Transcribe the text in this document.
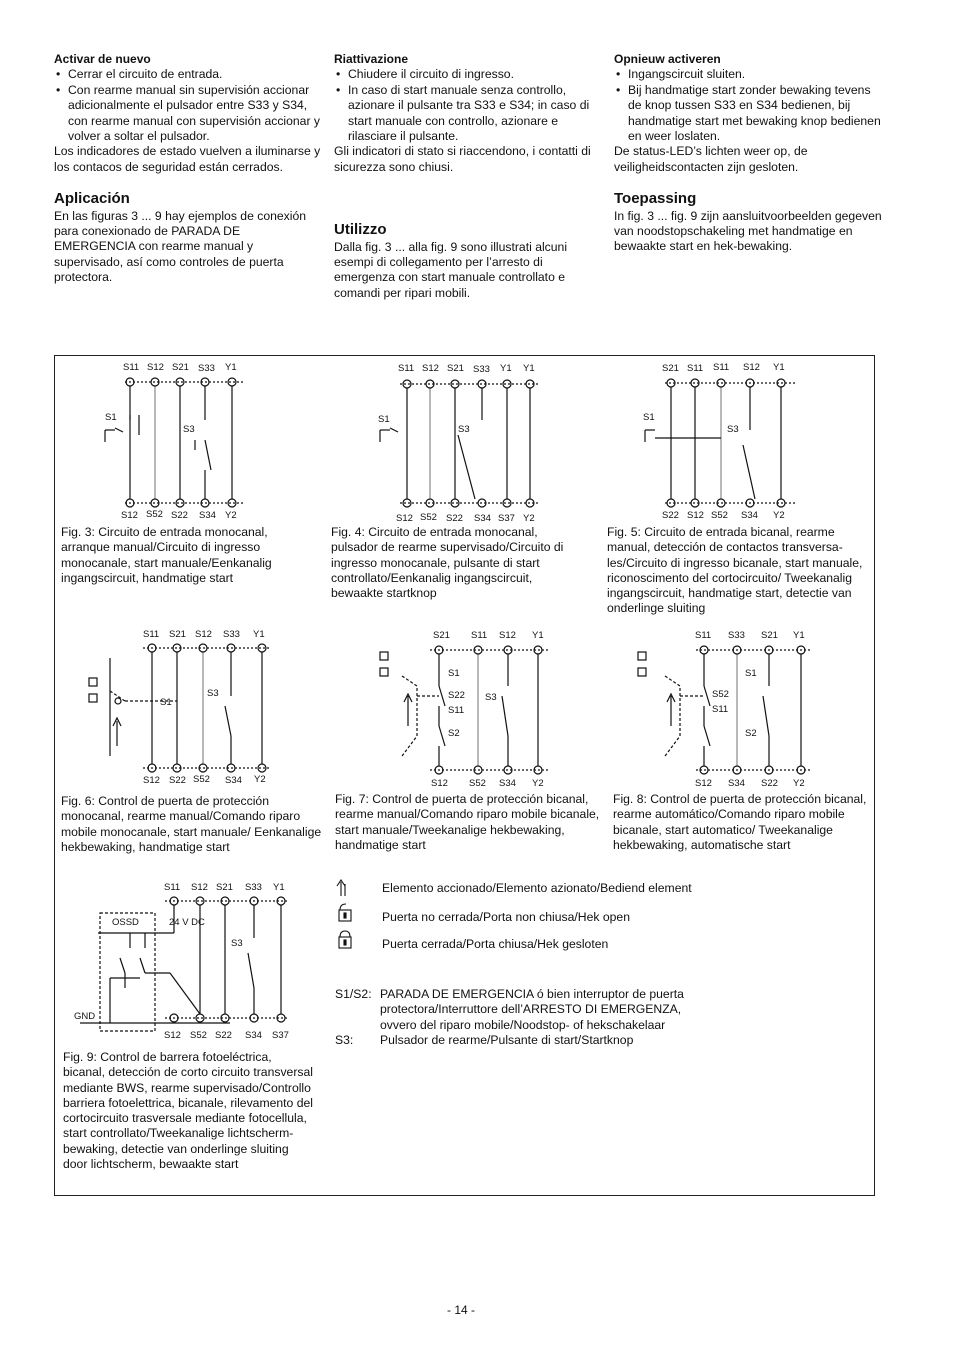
Activar de nuevo
• Cerrar el circuito de entrada.
• Con rearme manual sin supervisión accionar adicionalmente el pulsador entre S33 y S34, con rearme manual con supervisión accionar y volver a soltar el pulsador.

Los indicadores de estado vuelven a iluminarse y los contacos de seguridad están cerrados.

Aplicación

En las figuras 3 ... 9 hay ejemplos de conexión para conexionado de PARADA DE EMERGENCIA con rearme manual y supervisado, así como controles de puerta protectora.

Riattivazione
• Chiudere il circuito di ingresso.
• In caso di start manuale senza controllo, azionare il pulsante tra S33 e S34; in caso di start manuale con controllo, azionare e rilasciare il pulsante.

Gli indicatori di stato si riaccendono, i contatti di sicurezza sono chiusi.

Utilizzo

Dalla fig. 3 ... alla fig. 9 sono illustrati alcuni esempi di collegamento per l’arresto di emergenza con start manuale controllato e comandi per ripari mobili.

Opnieuw activeren
• Ingangscircuit sluiten.
• Bij handmatige start zonder bewaking tevens de knop tussen S33 en S34 bedienen, bij handmatige start met bewaking knop bedienen en weer loslaten.

De status-LED’s lichten weer op, de veiligheidscontacten zijn gesloten.

Toepassing

In fig. 3 ... fig. 9 zijn aansluitvoorbeelden gegeven van noodstopschakeling met handmatige en bewaakte start en hek-bewaking.

S11 S12 S21 S33 Y1
S1
S3
S12 S52 S22 S34 Y2
Fig. 3: Circuito de entrada monocanal, arranque manual/Circuito di ingresso monocanale, start manuale/Eenkanalig ingangscircuit, handmatige start
S11 S12 S21 S33 Y1 Y1
S1
S3
S12 S52 S22 S34 S37 Y2
Fig. 4: Circuito de entrada monocanal, pulsador de rearme supervisado/Circuito di ingresso monocanale, pulsante di start controllato/Eenkanalig ingangscircuit, bewaakte startknop
S21 S11 S11 S12 Y1
S1
S3
S22 S12 S52 S34 Y2
Fig. 5: Circuito de entrada bicanal, rearme manual, detección de contactos transversa-les/Circuito di ingresso bicanale, start manuale, riconoscimento del cortocircuito/ Tweekanalig ingangscircuit, handmatige start, detectie van onderlinge sluiting
S11 S21 S12 S33 Y1
S1
S3
S12 S22 S52 S34 Y2
Fig. 6: Control de puerta de protección monocanal, rearme manual/Comando riparo mobile monocanale, start manuale/ Eenkanalige hekbewaking, handmatige start
S21 S11 S12 Y1
S1
S22
S11
S2
S3
S12 S52 S34 Y2
Fig. 7: Control de puerta de protección bicanal, rearme manual/Comando riparo mobile bicanale, start manuale/Tweekanalige hekbewaking, handmatige start
S11 S33 S21 Y1
S1
S52
S11
S2
S12 S34 S22 Y2
Fig. 8: Control de puerta de protección bicanal, rearme automático/Comando riparo mobile bicanale, start automatico/ Tweekanalige hekbewaking, automatische start
S11 S12 S21 S33 Y1
OSSD	24 V DC
GND
S3
S12 S52 S22 S34 S37
Fig. 9: Control de barrera fotoeléctrica, bicanal, detección de corto circuito transversal mediante BWS, rearme supervisado/Controllo barriera fotoelettrica, bicanale, rilevamento del cortocircuito trasversale mediante fotocellula, start controllato/Tweekanalige lichtscherm-bewaking, detectie van onderlinge sluiting door lichtscherm, bewaakte start
Elemento accionado/Elemento azionato/Bediend element
Puerta no cerrada/Porta non chiusa/Hek open
Puerta cerrada/Porta chiusa/Hek gesloten
S1/S2: PARADA DE EMERGENCIA ó bien interruptor de puerta protectora/Interruttore dell’ARRESTO DI EMERGENZA, ovvero del riparo mobile/Noodstop- of hekschakelaar
S3: Pulsador de rearme/Pulsante di start/Startknop
- 14 -
